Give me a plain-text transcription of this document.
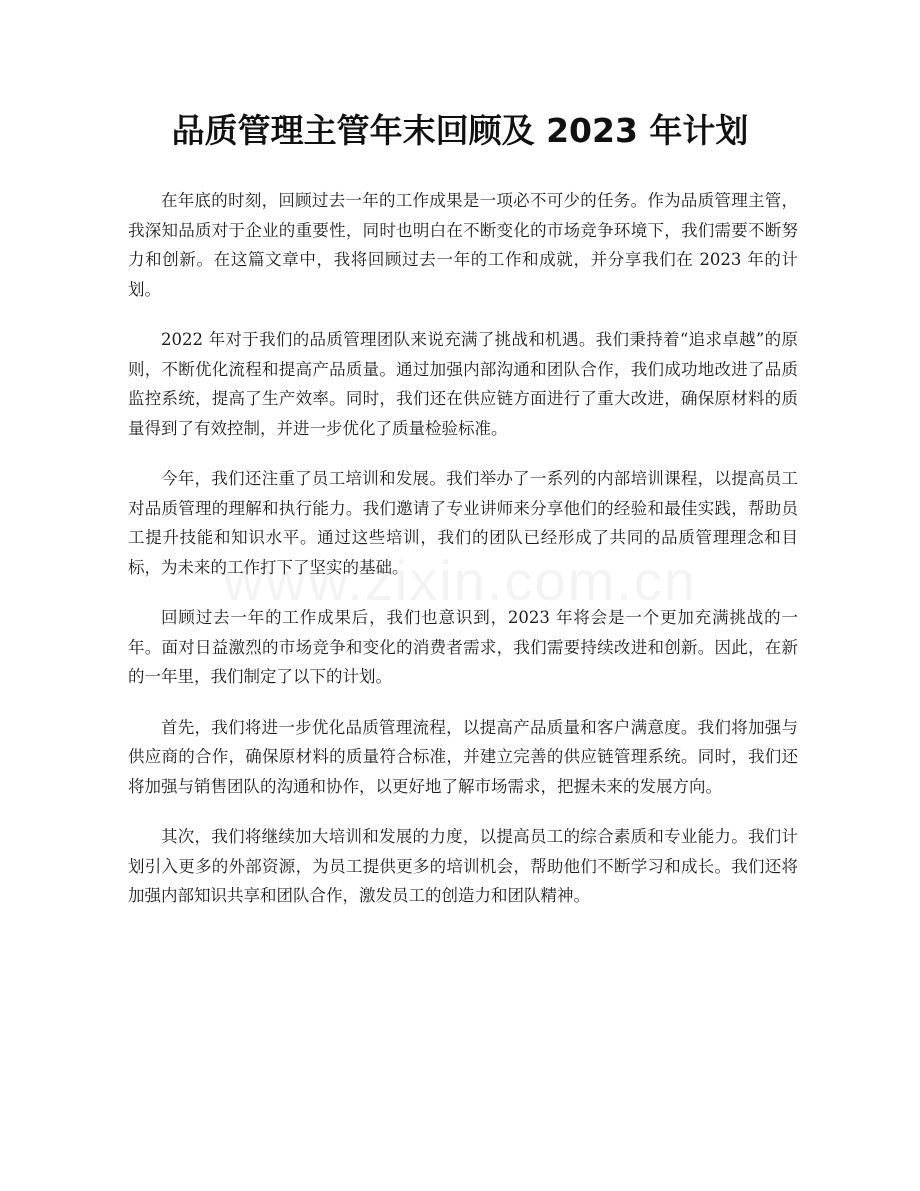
品质管理主管年末回顾及 2023 年计划

在年底的时刻，回顾过去一年的工作成果是一项必不可少的任务。作为品质管理主管，我深知品质对于企业的重要性，同时也明白在不断变化的市场竞争环境下，我们需要不断努力和创新。在这篇文章中，我将回顾过去一年的工作和成就，并分享我们在 2023 年的计划。

2022 年对于我们的品质管理团队来说充满了挑战和机遇。我们秉持着“追求卓越”的原则，不断优化流程和提高产品质量。通过加强内部沟通和团队合作，我们成功地改进了品质监控系统，提高了生产效率。同时，我们还在供应链方面进行了重大改进，确保原材料的质量得到了有效控制，并进一步优化了质量检验标准。

今年，我们还注重了员工培训和发展。我们举办了一系列的内部培训课程，以提高员工对品质管理的理解和执行能力。我们邀请了专业讲师来分享他们的经验和最佳实践，帮助员工提升技能和知识水平。通过这些培训，我们的团队已经形成了共同的品质管理理念和目标，为未来的工作打下了坚实的基础。

回顾过去一年的工作成果后，我们也意识到，2023 年将会是一个更加充满挑战的一年。面对日益激烈的市场竞争和变化的消费者需求，我们需要持续改进和创新。因此，在新的一年里，我们制定了以下的计划。

首先，我们将进一步优化品质管理流程，以提高产品质量和客户满意度。我们将加强与供应商的合作，确保原材料的质量符合标准，并建立完善的供应链管理系统。同时，我们还将加强与销售团队的沟通和协作，以更好地了解市场需求，把握未来的发展方向。

其次，我们将继续加大培训和发展的力度，以提高员工的综合素质和专业能力。我们计划引入更多的外部资源，为员工提供更多的培训机会，帮助他们不断学习和成长。我们还将加强内部知识共享和团队合作，激发员工的创造力和团队精神。
